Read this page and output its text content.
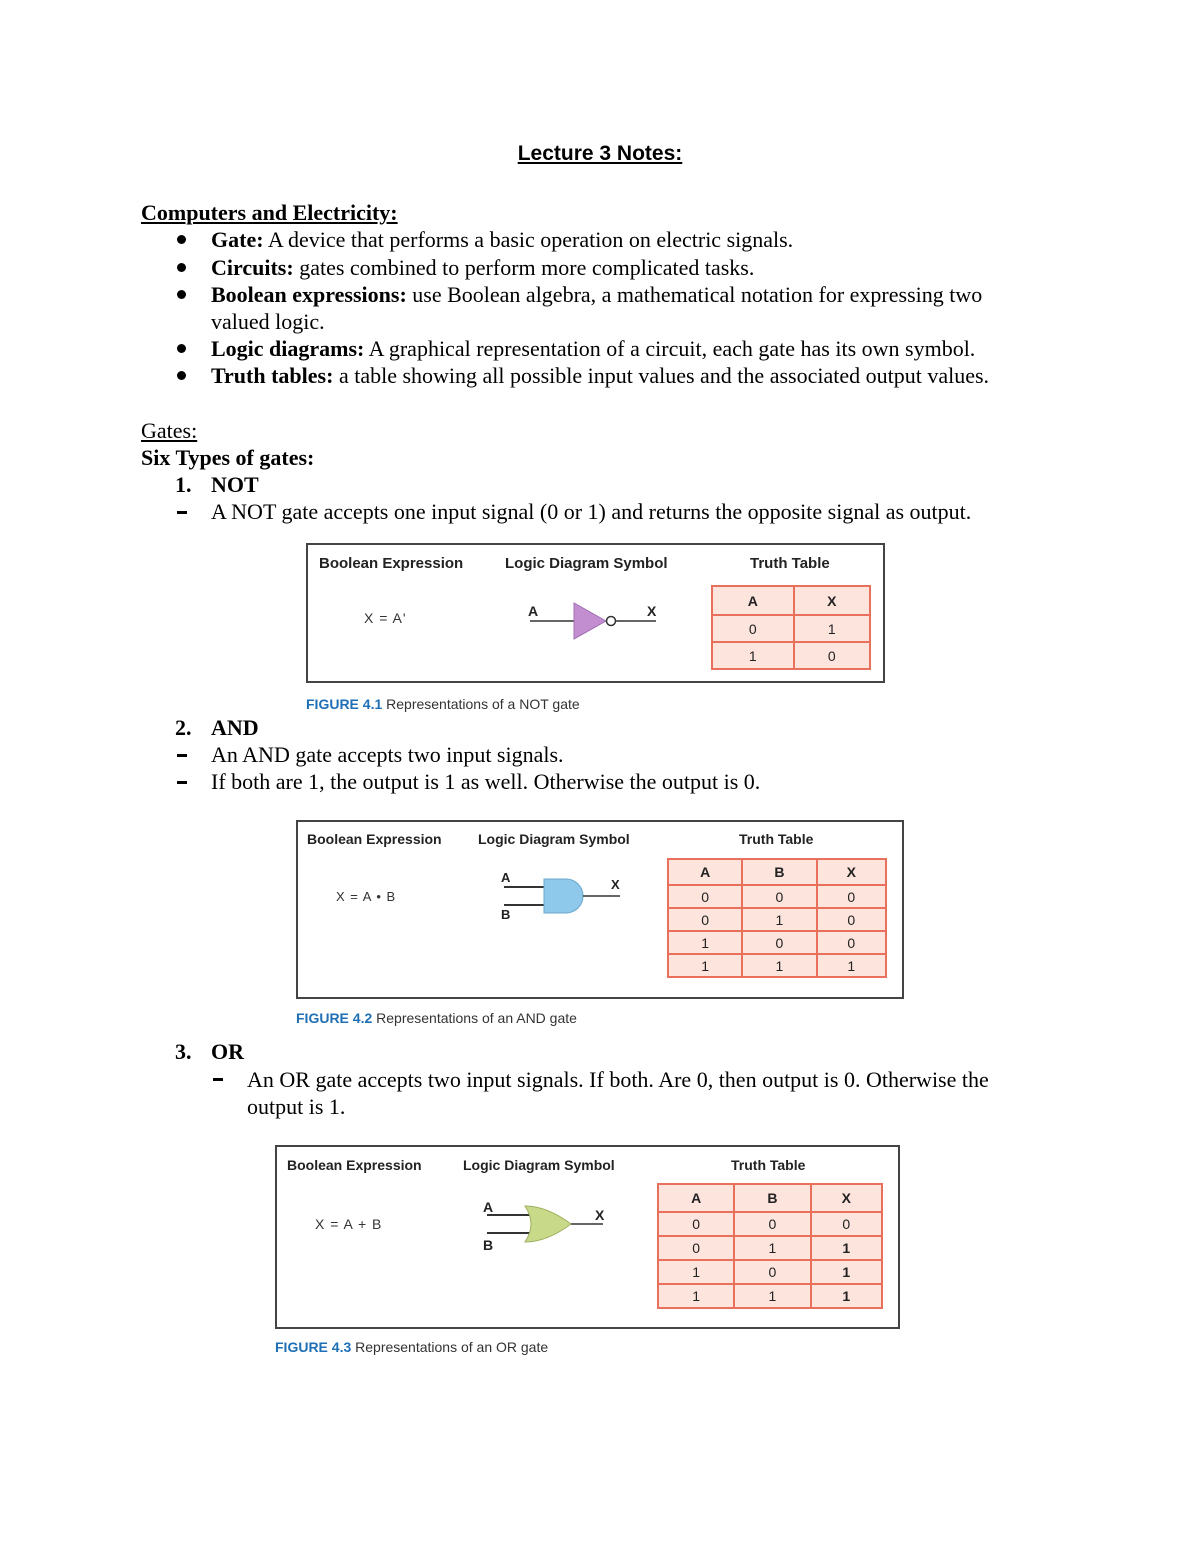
Lecture 3 Notes:
Computers and Electricity:
Gate: A device that performs a basic operation on electric signals.
Circuits: gates combined to perform more complicated tasks.
Boolean expressions: use Boolean algebra, a mathematical notation for expressing two
valued logic.
Logic diagrams: A graphical representation of a circuit, each gate has its own symbol.
Truth tables: a table showing all possible input values and the associated output values.
Gates:
Six Types of gates:
1. NOT
A NOT gate accepts one input signal (0 or 1) and returns the opposite signal as output.
Boolean Expression	Logic Diagram Symbol	Truth Table
X = A'	A	X
A	X
0	1
1	0
FIGURE 4.1 Representations of a NOT gate
2. AND
An AND gate accepts two input signals.
If both are 1, the output is 1 as well. Otherwise the output is 0.
Boolean Expression	Logic Diagram Symbol	Truth Table
X = A • B
A
B
X
A	B	X
0	0	0
0	1	0
1	0	0
1	1	1
FIGURE 4.2 Representations of an AND gate
3. OR
An OR gate accepts two input signals. If both. Are 0, then output is 0. Otherwise the
output is 1.
Boolean Expression	Logic Diagram Symbol	Truth Table
X = A + B
A
B
X
A	B	X
0	0	0
0	1	1
1	0	1
1	1	1
FIGURE 4.3 Representations of an OR gate
